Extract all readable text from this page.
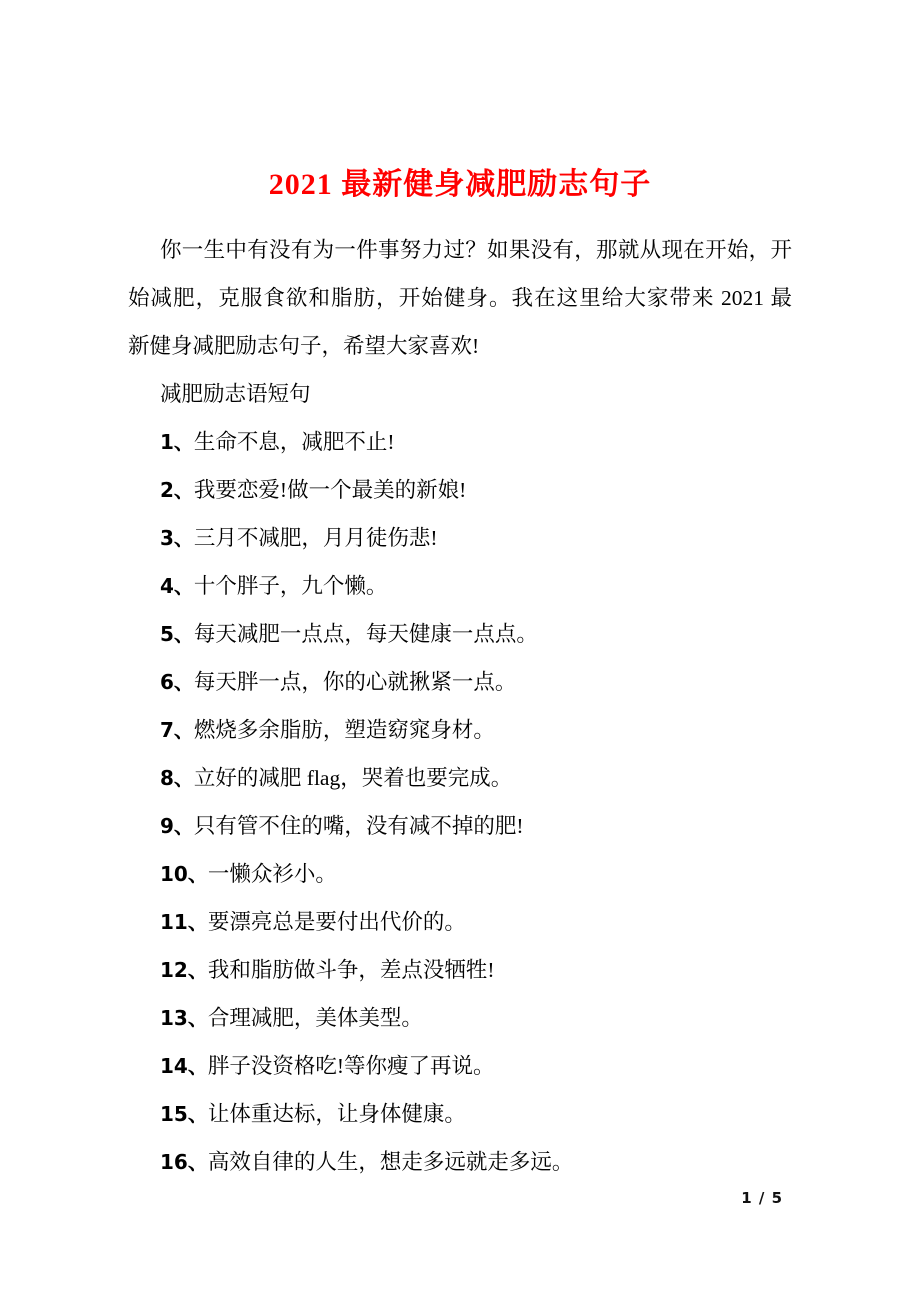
2021 最新健身减肥励志句子
你一生中有没有为一件事努力过？如果没有，那就从现在开始，开
始减肥，克服食欲和脂肪，开始健身。我在这里给大家带来 2021 最
新健身减肥励志句子，希望大家喜欢!
减肥励志语短句
1、生命不息，减肥不止!
2、我要恋爱!做一个最美的新娘!
3、三月不减肥，月月徒伤悲!
4、十个胖子，九个懒。
5、每天减肥一点点，每天健康一点点。
6、每天胖一点，你的心就揪紧一点。
7、燃烧多余脂肪，塑造窈窕身材。
8、立好的减肥 flag，哭着也要完成。
9、只有管不住的嘴，没有减不掉的肥!
10、一懒众衫小。
11、要漂亮总是要付出代价的。
12、我和脂肪做斗争，差点没牺牲!
13、合理减肥，美体美型。
14、胖子没资格吃!等你瘦了再说。
15、让体重达标，让身体健康。
16、高效自律的人生，想走多远就走多远。
1 / 5
